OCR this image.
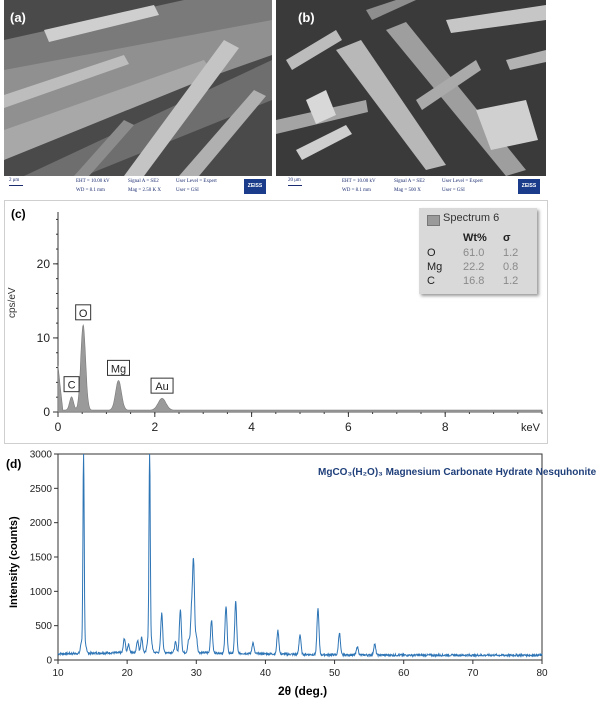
(a)
2 μm	EHT = 10.00 kV
WD = 8.1 mm
Signal A = SE2
Mag = 2.50 K X
User Level = Expert
User = GSI
ZEISS
(b)
20 μm	EHT = 10.00 kV
WD = 8.1 mm
Signal A = SE2
Mag = 500 X
User Level = Expert
User = GSI
ZEISS
(c)	Spectrum 6
Wt% σ
O 61.0 1.2
Mg 22.2 0.8
C	16.8 1.2
0
10
20
0	2	4	6	8	keV
C
O
Mg
Au
cps/eV
(d)
0
500
1000
1500
2000
2500
3000
10	20	30	40	50	60	70	80
MgCO₃(H₂O)₃ Magnesium Carbonate Hydrate Nesquhonite
Intensity (counts)
2θ (deg.)
